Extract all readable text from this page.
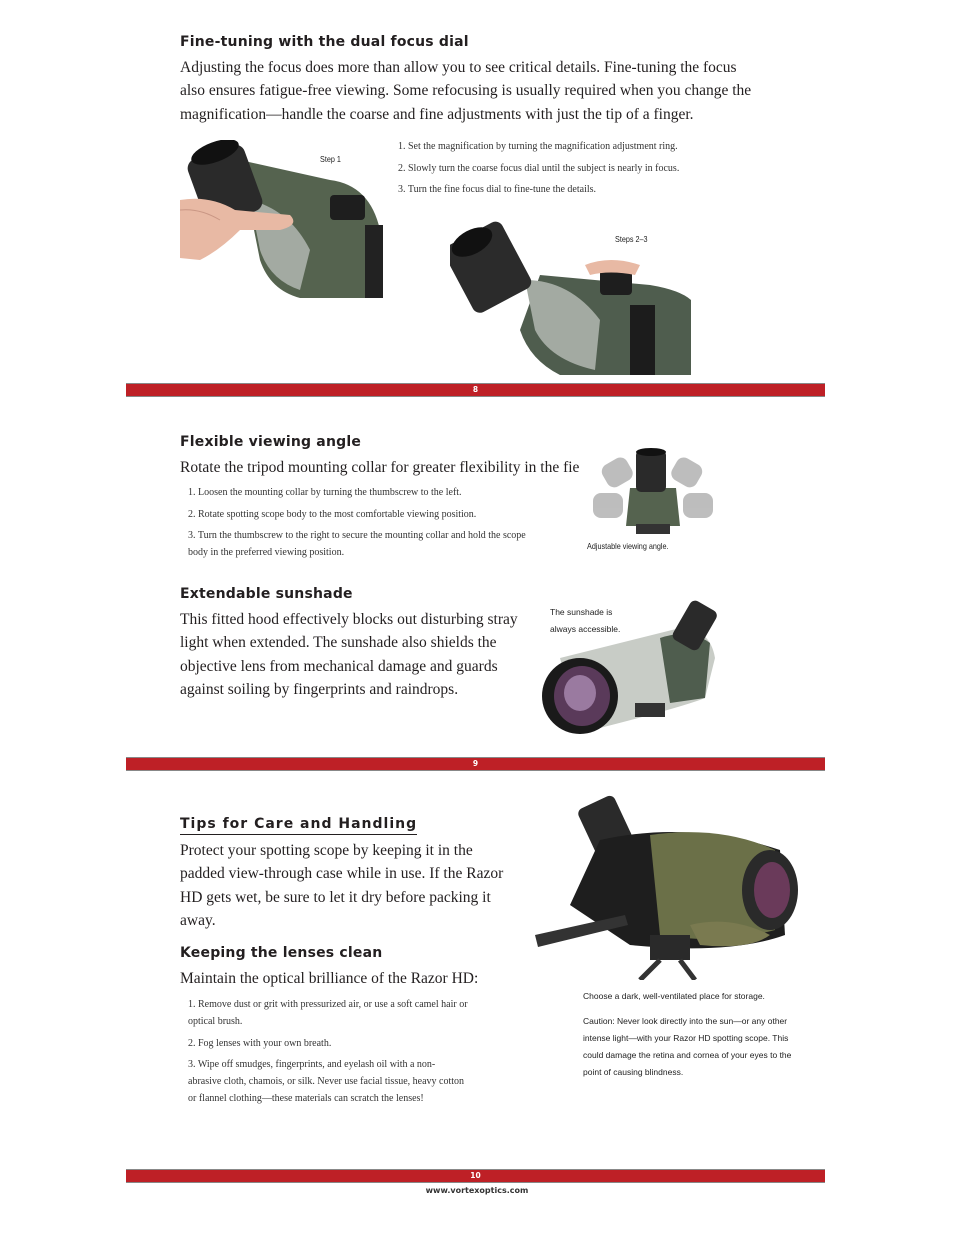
Fine-tuning with the dual focus dial
Adjusting the focus does more than allow you to see critical details. Fine-tuning the focus also ensures fatigue-free viewing. Some refocusing is usually required when you change the magnification—handle the coarse and fine adjustments with just the tip of a finger.
Step 1
1. Set the magnification by turning the magnification adjustment ring.
2. Slowly turn the coarse focus dial until the subject is nearly in focus.
3. Turn the fine focus dial to fine-tune the details.
Steps 2–3
8
Flexible viewing angle
Rotate the tripod mounting collar for greater flexibility in the fie
1. Loosen the mounting collar by turning the thumbscrew to the left.
2. Rotate spotting scope body to the most comfortable viewing position.
3. Turn the thumbscrew to the right to secure the mounting collar and hold the scope body in the preferred viewing position.
Adjustable viewing angle.
Extendable sunshade
This fitted hood effectively blocks out disturbing stray light when extended. The sunshade also shields the objective lens from mechanical damage and guards against soiling by fingerprints and raindrops.
The sunshade is always accessible.
9
Tips for Care and Handling
Protect your spotting scope by keeping it in the padded view-through case while in use. If the Razor HD gets wet, be sure to let it dry before packing it away.
Choose a dark, well-ventilated place for storage.
Caution: Never look directly into the sun—or any other intense light—with your Razor HD spotting scope. This could damage the retina and cornea of your eyes to the point of causing blindness.
Keeping the lenses clean
Maintain the optical brilliance of the Razor HD:
1. Remove dust or grit with pressurized air, or use a soft camel hair or optical brush.
2. Fog lenses with your own breath.
3. Wipe off smudges, fingerprints, and eyelash oil with a non-abrasive cloth, chamois, or silk. Never use facial tissue, heavy cotton or flannel clothing—these materials can scratch the lenses!
10
www.vortexoptics.com
